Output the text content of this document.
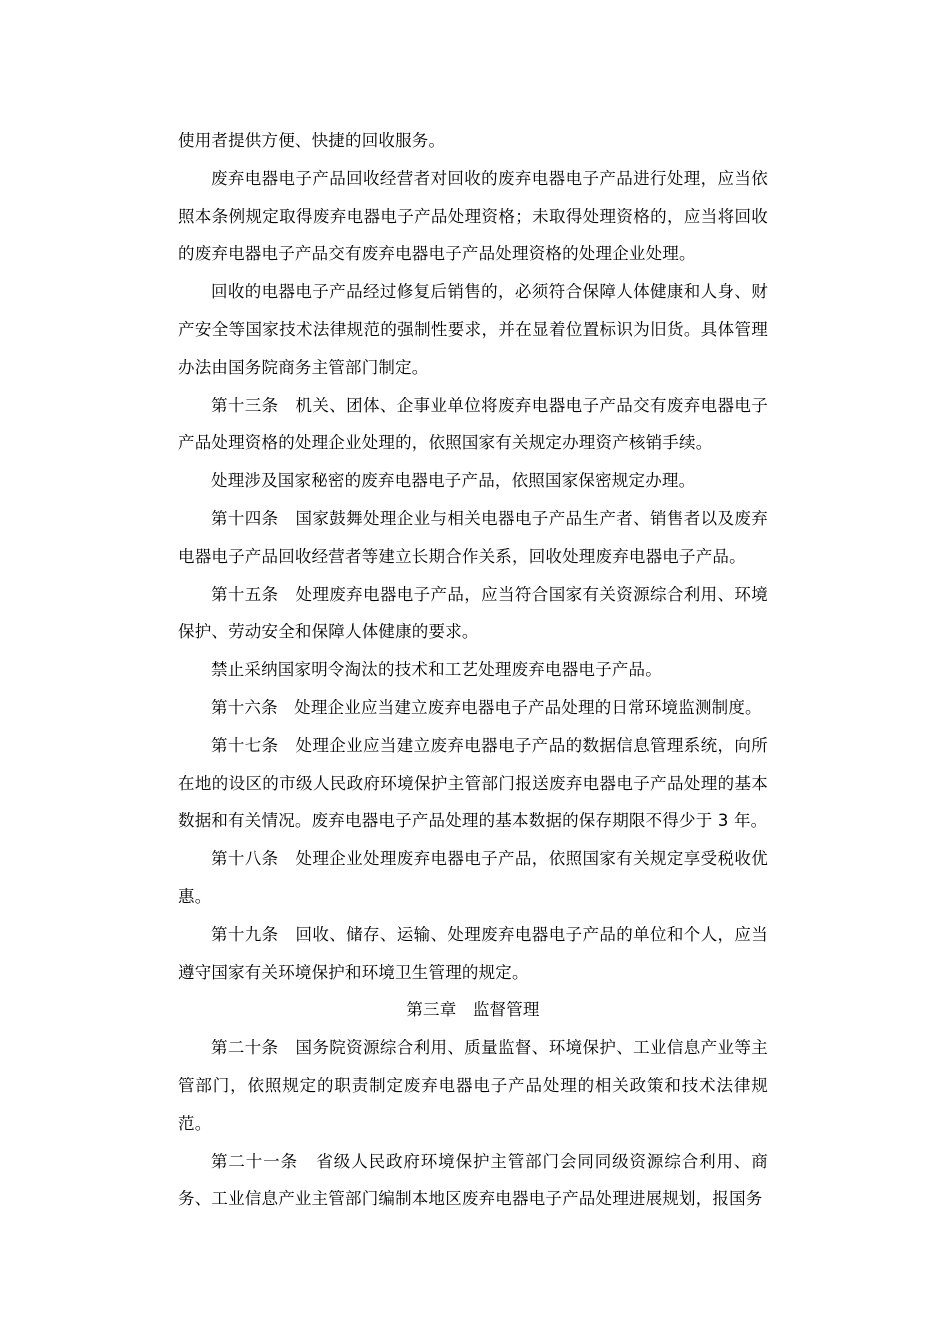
使用者提供方便、快捷的回收服务。

废弃电器电子产品回收经营者对回收的废弃电器电子产品进行处理，应当依照本条例规定取得废弃电器电子产品处理资格；未取得处理资格的，应当将回收的废弃电器电子产品交有废弃电器电子产品处理资格的处理企业处理。

回收的电器电子产品经过修复后销售的，必须符合保障人体健康和人身、财产安全等国家技术法律规范的强制性要求，并在显着位置标识为旧货。具体管理办法由国务院商务主管部门制定。

第十三条 机关、团体、企事业单位将废弃电器电子产品交有废弃电器电子产品处理资格的处理企业处理的，依照国家有关规定办理资产核销手续。

处理涉及国家秘密的废弃电器电子产品，依照国家保密规定办理。

第十四条 国家鼓舞处理企业与相关电器电子产品生产者、销售者以及废弃电器电子产品回收经营者等建立长期合作关系，回收处理废弃电器电子产品。

第十五条 处理废弃电器电子产品，应当符合国家有关资源综合利用、环境保护、劳动安全和保障人体健康的要求。

禁止采纳国家明令淘汰的技术和工艺处理废弃电器电子产品。

第十六条 处理企业应当建立废弃电器电子产品处理的日常环境监测制度。

第十七条 处理企业应当建立废弃电器电子产品的数据信息管理系统，向所在地的设区的市级人民政府环境保护主管部门报送废弃电器电子产品处理的基本数据和有关情况。废弃电器电子产品处理的基本数据的保存期限不得少于 3 年。

第十八条 处理企业处理废弃电器电子产品，依照国家有关规定享受税收优惠。

第十九条 回收、储存、运输、处理废弃电器电子产品的单位和个人，应当遵守国家有关环境保护和环境卫生管理的规定。

第三章 监督管理

第二十条 国务院资源综合利用、质量监督、环境保护、工业信息产业等主管部门，依照规定的职责制定废弃电器电子产品处理的相关政策和技术法律规范。

第二十一条 省级人民政府环境保护主管部门会同同级资源综合利用、商务、工业信息产业主管部门编制本地区废弃电器电子产品处理进展规划，报国务
